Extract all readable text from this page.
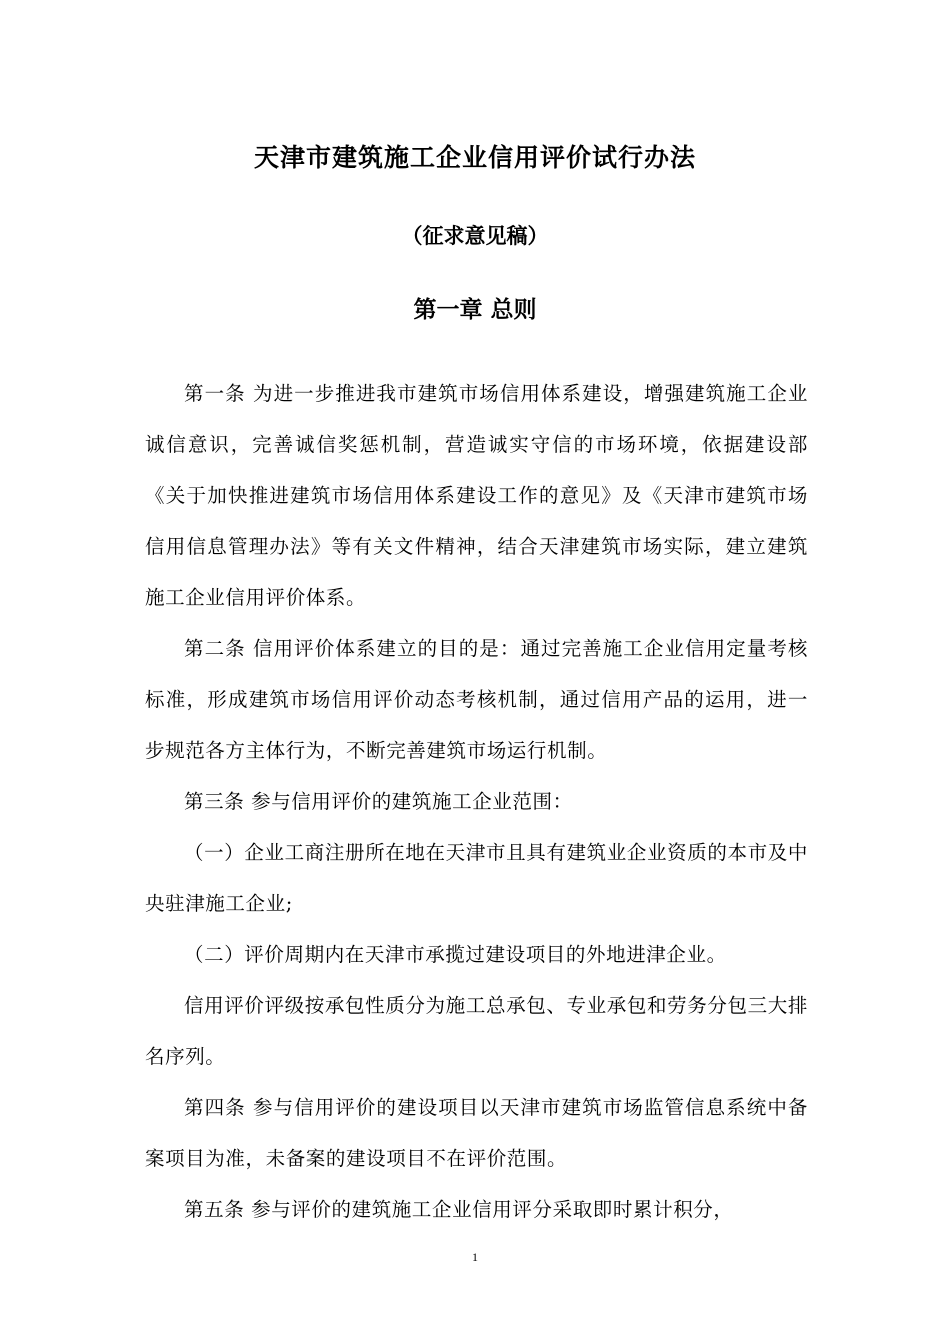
天津市建筑施工企业信用评价试行办法
（征求意见稿）
第一章 总则

第一条 为进一步推进我市建筑市场信用体系建设，增强建筑施工企业诚信意识，完善诚信奖惩机制，营造诚实守信的市场环境，依据建设部《关于加快推进建筑市场信用体系建设工作的意见》及《天津市建筑市场信用信息管理办法》等有关文件精神，结合天津建筑市场实际，建立建筑施工企业信用评价体系。

第二条 信用评价体系建立的目的是：通过完善施工企业信用定量考核标准，形成建筑市场信用评价动态考核机制，通过信用产品的运用，进一步规范各方主体行为，不断完善建筑市场运行机制。

第三条 参与信用评价的建筑施工企业范围：

（一）企业工商注册所在地在天津市且具有建筑业企业资质的本市及中央驻津施工企业;

（二）评价周期内在天津市承揽过建设项目的外地进津企业。

信用评价评级按承包性质分为施工总承包、专业承包和劳务分包三大排名序列。

第四条 参与信用评价的建设项目以天津市建筑市场监管信息系统中备案项目为准，未备案的建设项目不在评价范围。

第五条 参与评价的建筑施工企业信用评分采取即时累计积分，

1
